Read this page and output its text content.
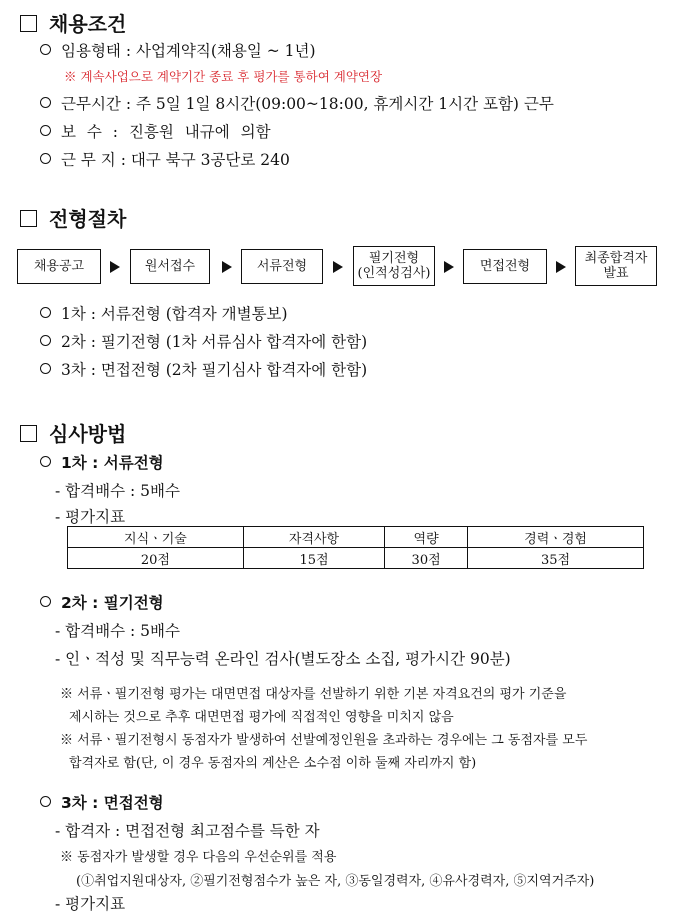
채용조건
임용형태 : 사업계약직(채용일 ~ 1년)
※ 계속사업으로 계약기간 종료 후 평가를 통하여 계약연장
근무시간 : 주 5일 1일 8시간(09:00~18:00, 휴게시간 1시간 포함) 근무
보 수 : 진흥원 내규에 의함
근 무 지 : 대구 북구 3공단로 240
전형절차
채용공고	원서접수	서류전형
필기전형
(인적성검사)	면접전형
최종합격자
발표
1차 : 서류전형 (합격자 개별통보)
2차 : 필기전형 (1차 서류심사 합격자에 한함)
3차 : 면접전형 (2차 필기심사 합격자에 한함)
심사방법
1차 : 서류전형
- 합격배수 : 5배수
- 평가지표
지식ㆍ기술	자격사항	역량	경력ㆍ경험
20점	15점	30점	35점
2차 : 필기전형
- 합격배수 : 5배수
- 인ㆍ적성 및 직무능력 온라인 검사(별도장소 소집, 평가시간 90분)
※ 서류ㆍ필기전형 평가는 대면면접 대상자를 선발하기 위한 기본 자격요건의 평가 기준을
제시하는 것으로 추후 대면면접 평가에 직접적인 영향을 미치지 않음
※ 서류ㆍ필기전형시 동점자가 발생하여 선발예정인원을 초과하는 경우에는 그 동점자를 모두
합격자로 함(단, 이 경우 동점자의 계산은 소수점 이하 둘째 자리까지 함)
3차 : 면접전형
- 합격자 : 면접전형 최고점수를 득한 자
※ 동점자가 발생할 경우 다음의 우선순위를 적용
(①취업지원대상자, ②필기전형점수가 높은 자, ③동일경력자, ④유사경력자, ⑤지역거주자)
- 평가지표
